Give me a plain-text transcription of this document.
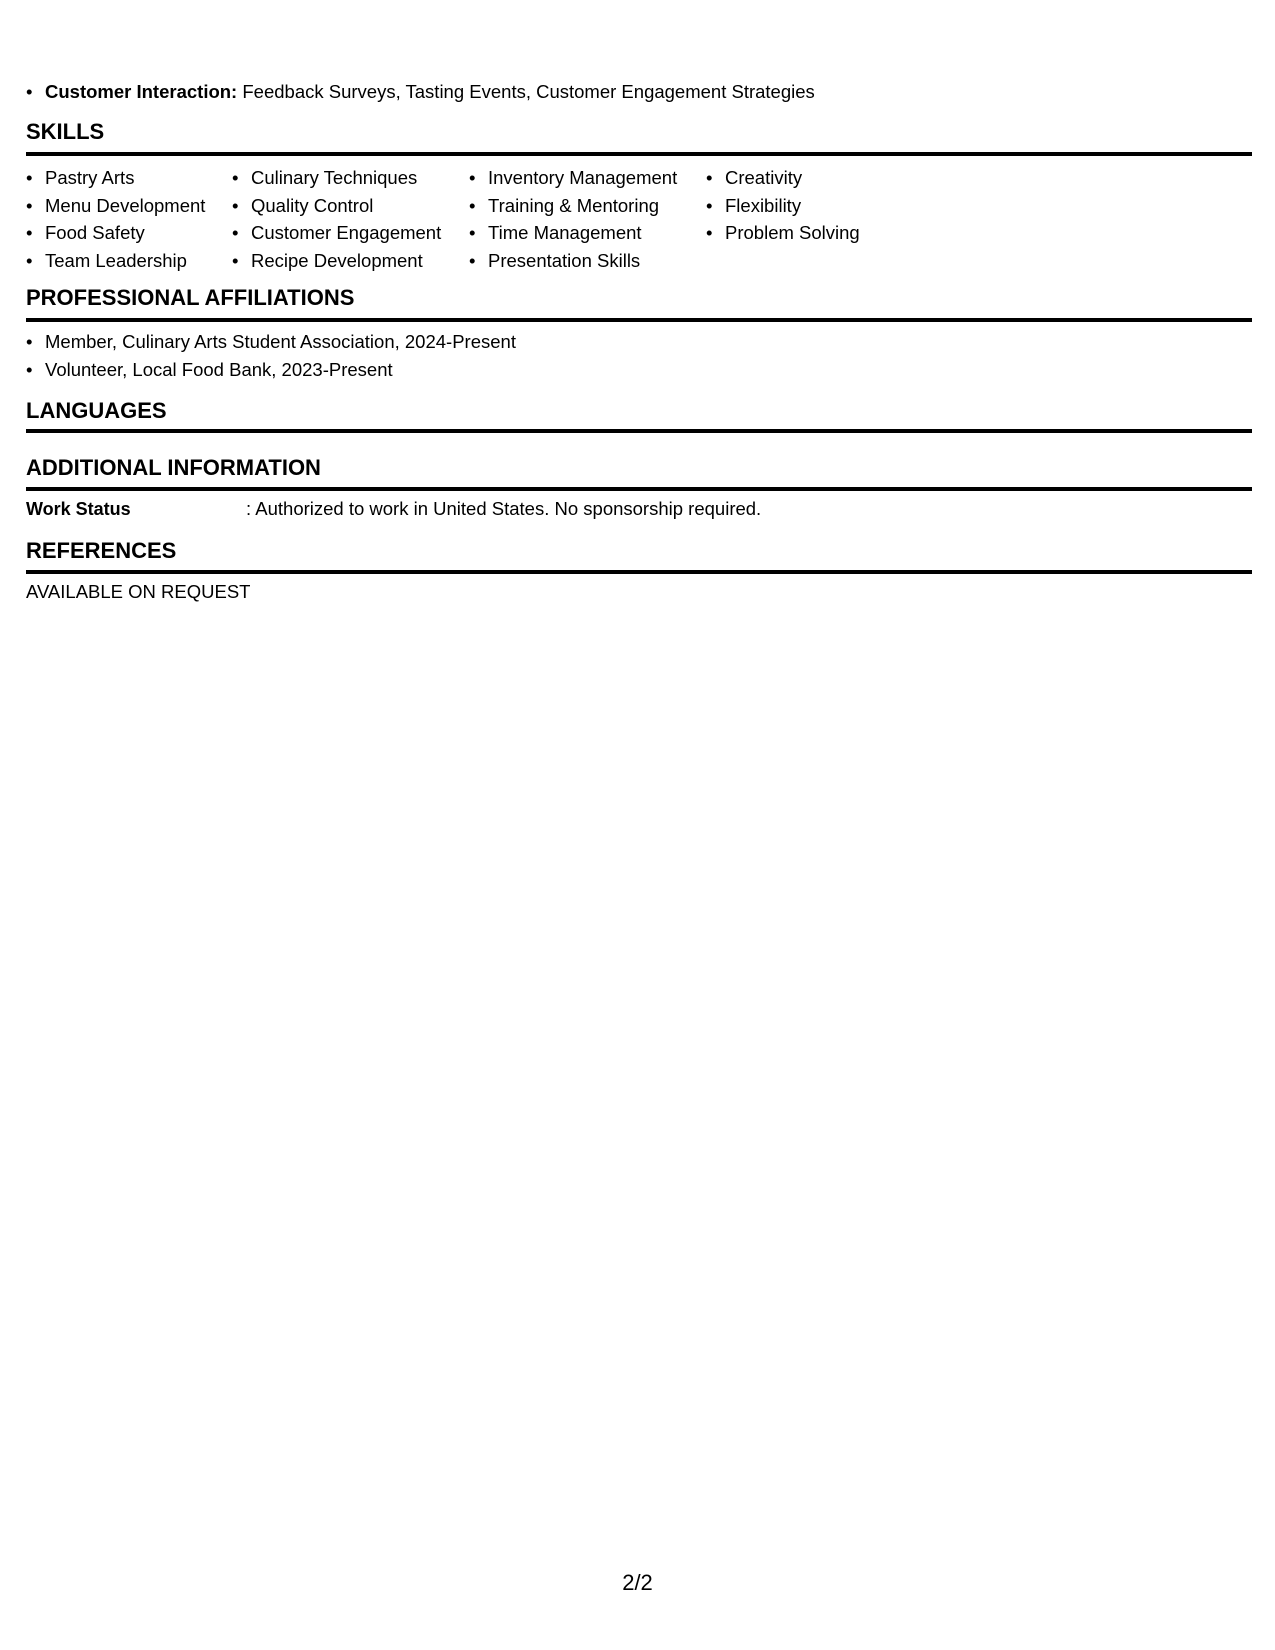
• Customer Interaction: Feedback Surveys, Tasting Events, Customer Engagement Strategies
SKILLS
• Pastry Arts
• Menu Development
• Food Safety
• Team Leadership
• Culinary Techniques
• Quality Control
• Customer Engagement
• Recipe Development
• Inventory Management
• Training & Mentoring
• Time Management
• Presentation Skills
• Creativity
• Flexibility
• Problem Solving
PROFESSIONAL AFFILIATIONS
• Member, Culinary Arts Student Association, 2024-Present
• Volunteer, Local Food Bank, 2023-Present
LANGUAGES
ADDITIONAL INFORMATION
Work Status	: Authorized to work in United States. No sponsorship required.
REFERENCES
AVAILABLE ON REQUEST
2/2
